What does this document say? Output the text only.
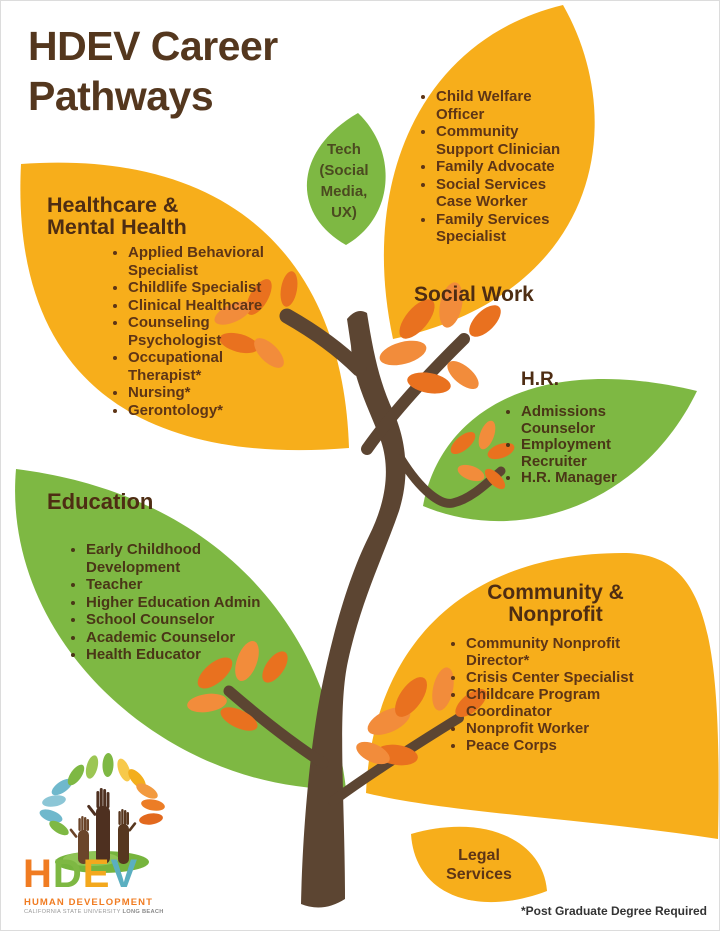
HDEV Career Pathways
Healthcare & Mental Health
• Applied Behavioral Specialist
• Childlife Specialist
• Clinical Healthcare
• Counseling Psychologist
• Occupational Therapist*
• Nursing*
• Gerontology*
Tech (Social Media, UX)
• Child Welfare Officer
• Community Support Clinician
• Family Advocate
• Social Services Case Worker
• Family Services Specialist
Social Work
H.R.
• Admissions Counselor
• Employment Recruiter
• H.R. Manager
Education
• Early Childhood Development
• Teacher
• Higher Education Admin
• School Counselor
• Academic Counselor
• Health Educator
Community & Nonprofit
• Community Nonprofit Director*
• Crisis Center Specialist
• Childcare Program Coordinator
• Nonprofit Worker
• Peace Corps
Legal Services
*Post Graduate Degree Required
HDEV
HUMAN DEVELOPMENT
CALIFORNIA STATE UNIVERSITY LONG BEACH
